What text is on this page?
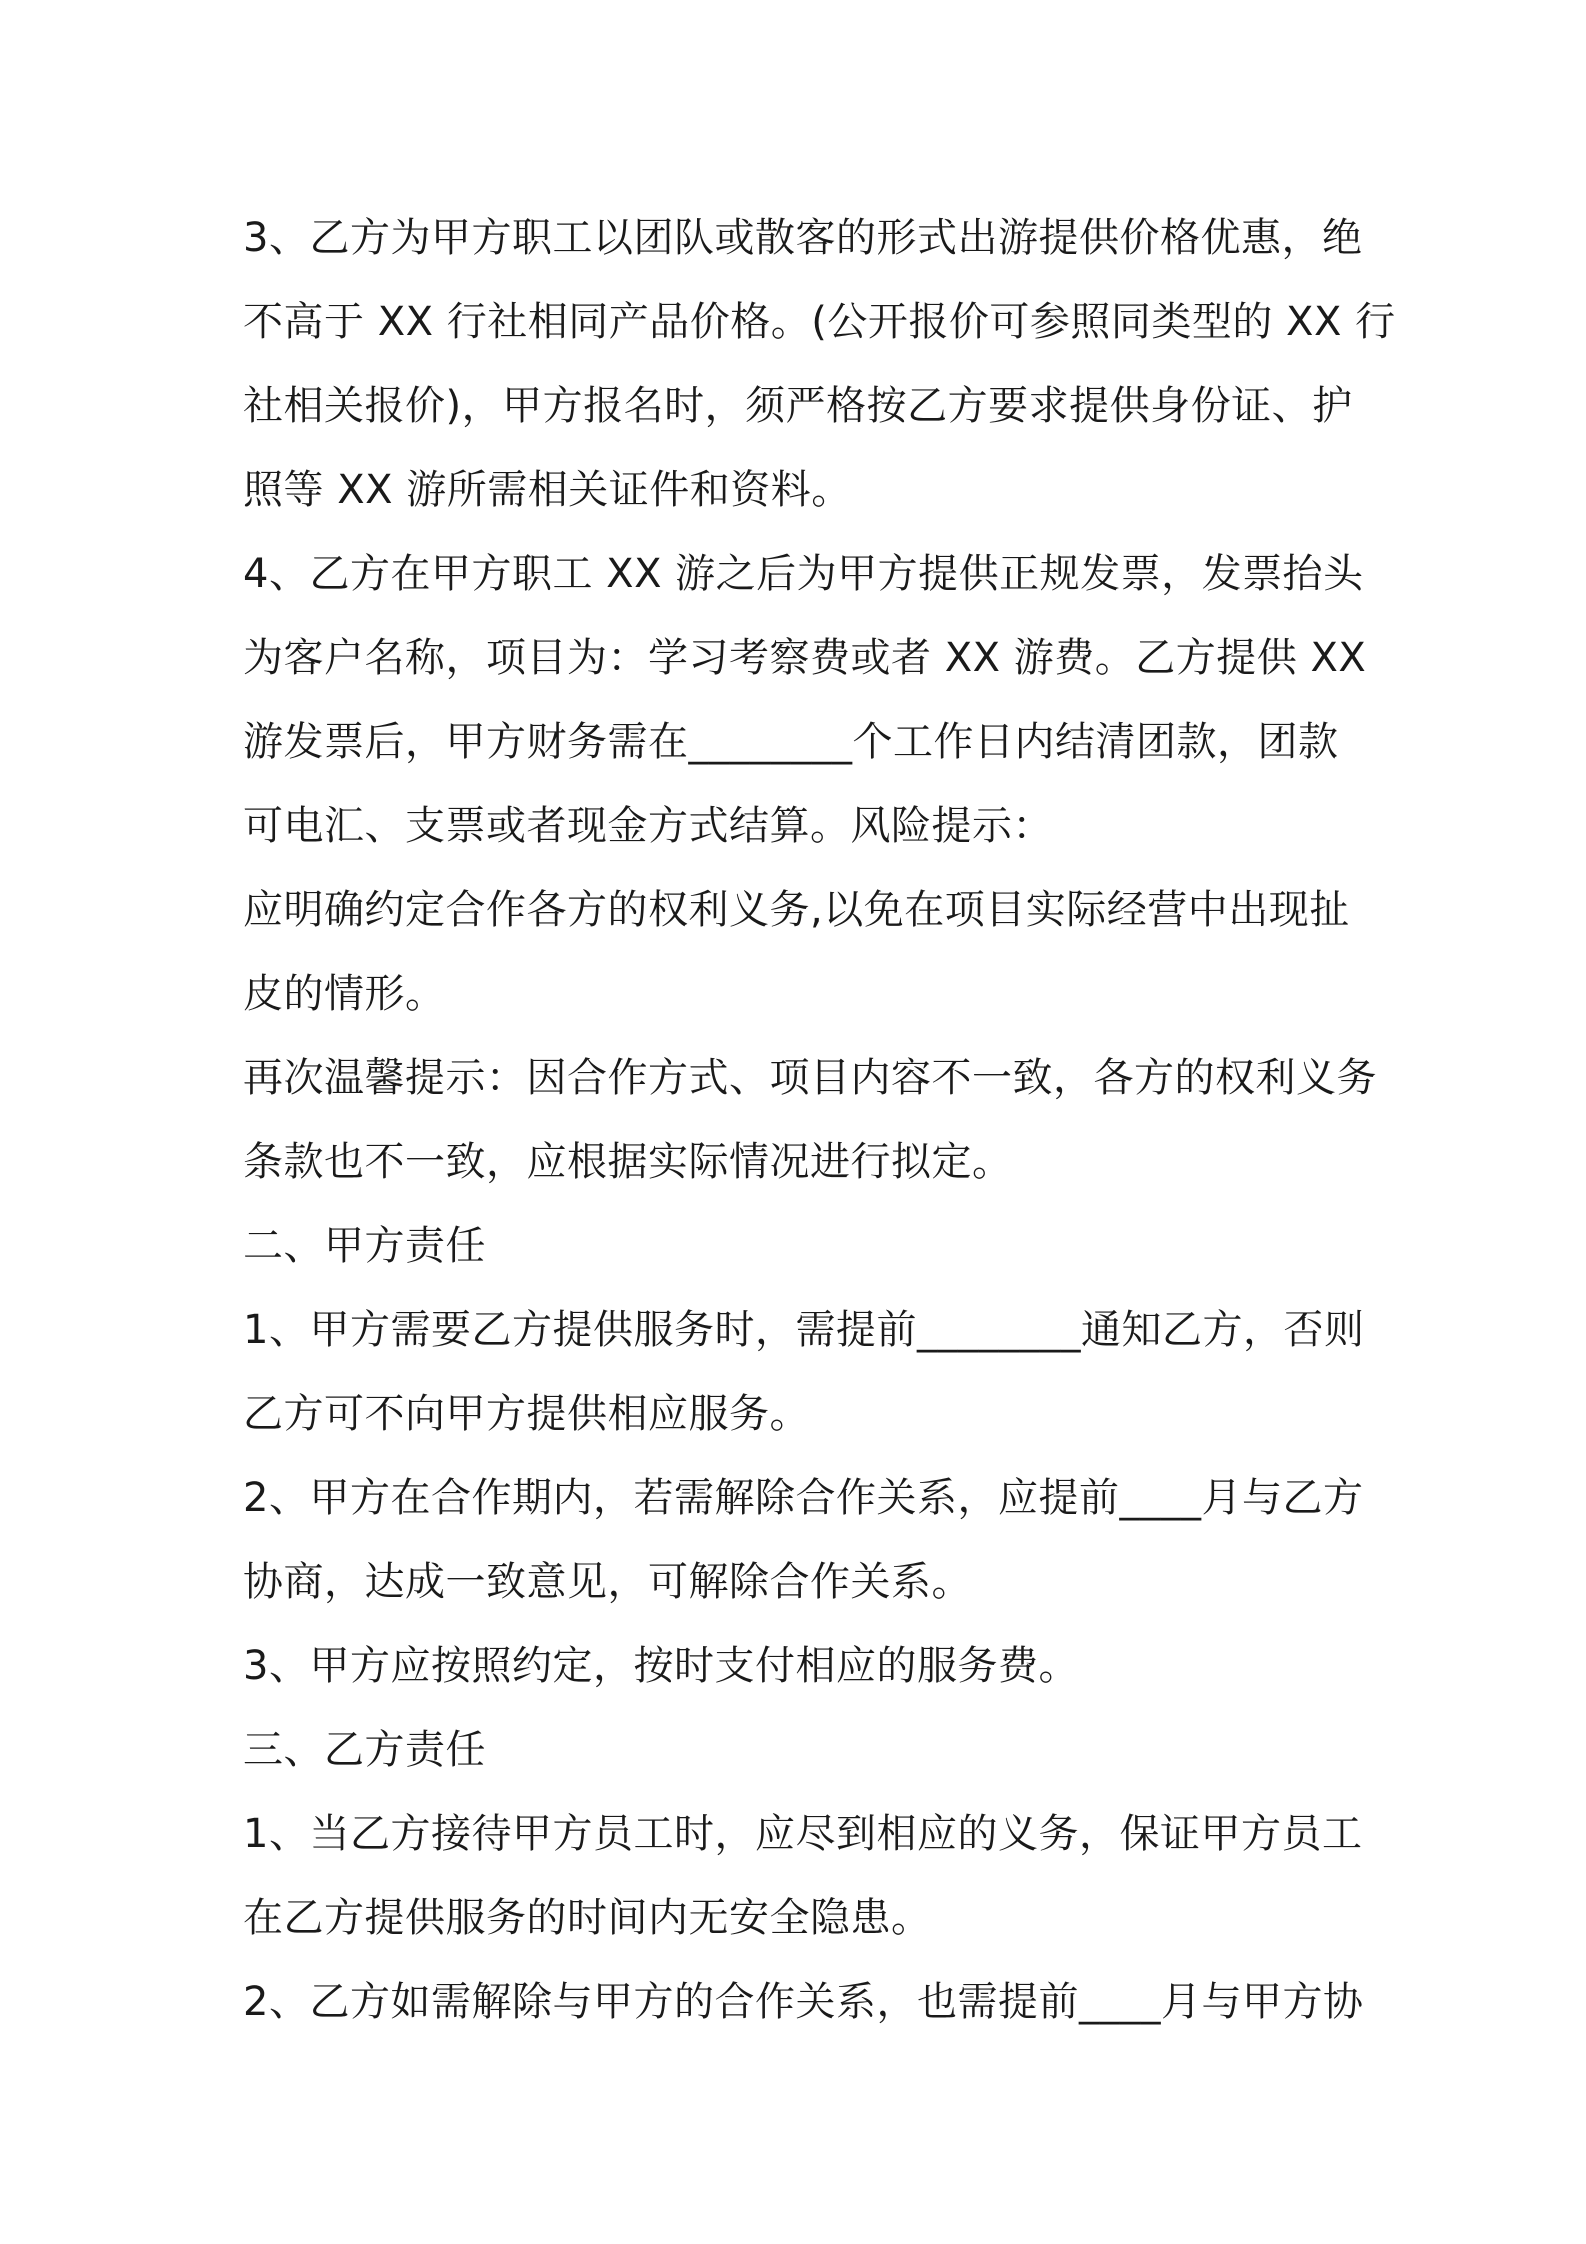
3、乙方为甲方职工以团队或散客的形式出游提供价格优惠，绝
不高于 XX 行社相同产品价格。(公开报价可参照同类型的 XX 行
社相关报价)，甲方报名时，须严格按乙方要求提供身份证、护
照等 XX 游所需相关证件和资料。
4、乙方在甲方职工 XX 游之后为甲方提供正规发票，发票抬头
为客户名称，项目为：学习考察费或者 XX 游费。乙方提供 XX
游发票后，甲方财务需在________个工作日内结清团款，团款
可电汇、支票或者现金方式结算。风险提示：
应明确约定合作各方的权利义务,以免在项目实际经营中出现扯
皮的情形。
再次温馨提示：因合作方式、项目内容不一致，各方的权利义务
条款也不一致，应根据实际情况进行拟定。
二、甲方责任
1、甲方需要乙方提供服务时，需提前________通知乙方，否则
乙方可不向甲方提供相应服务。
2、甲方在合作期内，若需解除合作关系，应提前____月与乙方
协商，达成一致意见，可解除合作关系。
3、甲方应按照约定，按时支付相应的服务费。
三、乙方责任
1、当乙方接待甲方员工时，应尽到相应的义务，保证甲方员工
在乙方提供服务的时间内无安全隐患。
2、乙方如需解除与甲方的合作关系，也需提前____月与甲方协
